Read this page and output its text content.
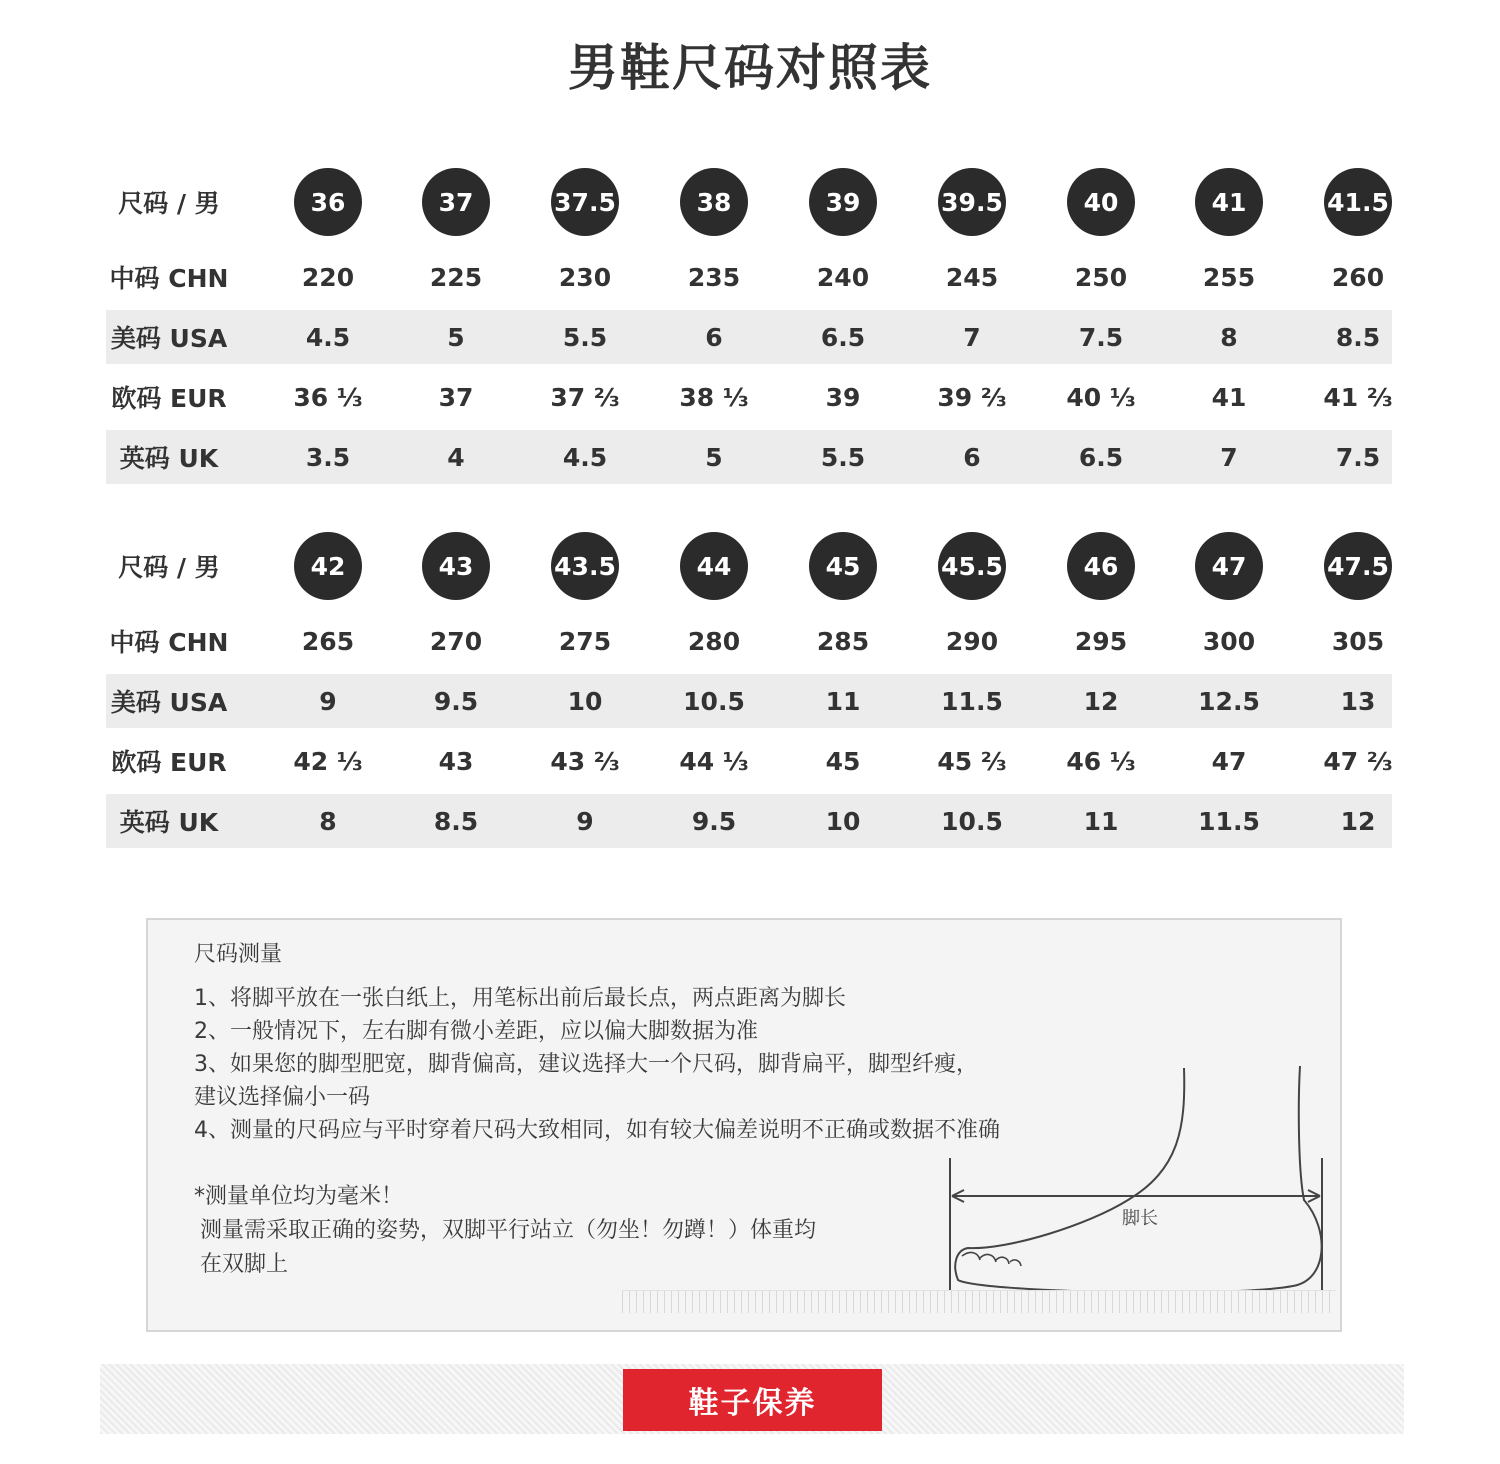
男鞋尺码对照表
尺码 / 男	36	37	37.5	38	39	39.5	40	41	41.5
中码 CHN	220	225	230	235	240	245	250	255	260
美码 USA	4.5	5	5.5	6	6.5	7	7.5	8	8.5
欧码 EUR	36 ⅓	37	37 ⅔	38 ⅓	39	39 ⅔	40 ⅓	41	41 ⅔
英码 UK	3.5	4	4.5	5	5.5	6	6.5	7	7.5
尺码 / 男	42	43	43.5	44	45	45.5	46	47	47.5
中码 CHN	265	270	275	280	285	290	295	300	305
美码 USA	9	9.5	10	10.5	11	11.5	12	12.5	13
欧码 EUR	42 ⅓	43	43 ⅔	44 ⅓	45	45 ⅔	46 ⅓	47	47 ⅔
英码 UK	8	8.5	9	9.5	10	10.5	11	11.5	12
尺码测量
1、将脚平放在一张白纸上，用笔标出前后最长点，两点距离为脚长
2、一般情况下，左右脚有微小差距，应以偏大脚数据为准
3、如果您的脚型肥宽，脚背偏高，建议选择大一个尺码，脚背扁平，脚型纤瘦，
建议选择偏小一码
4、测量的尺码应与平时穿着尺码大致相同，如有较大偏差说明不正确或数据不准确
*测量单位均为毫米！
测量需采取正确的姿势，双脚平行站立（勿坐！勿蹲！）体重均
在双脚上
脚长
鞋子保养
